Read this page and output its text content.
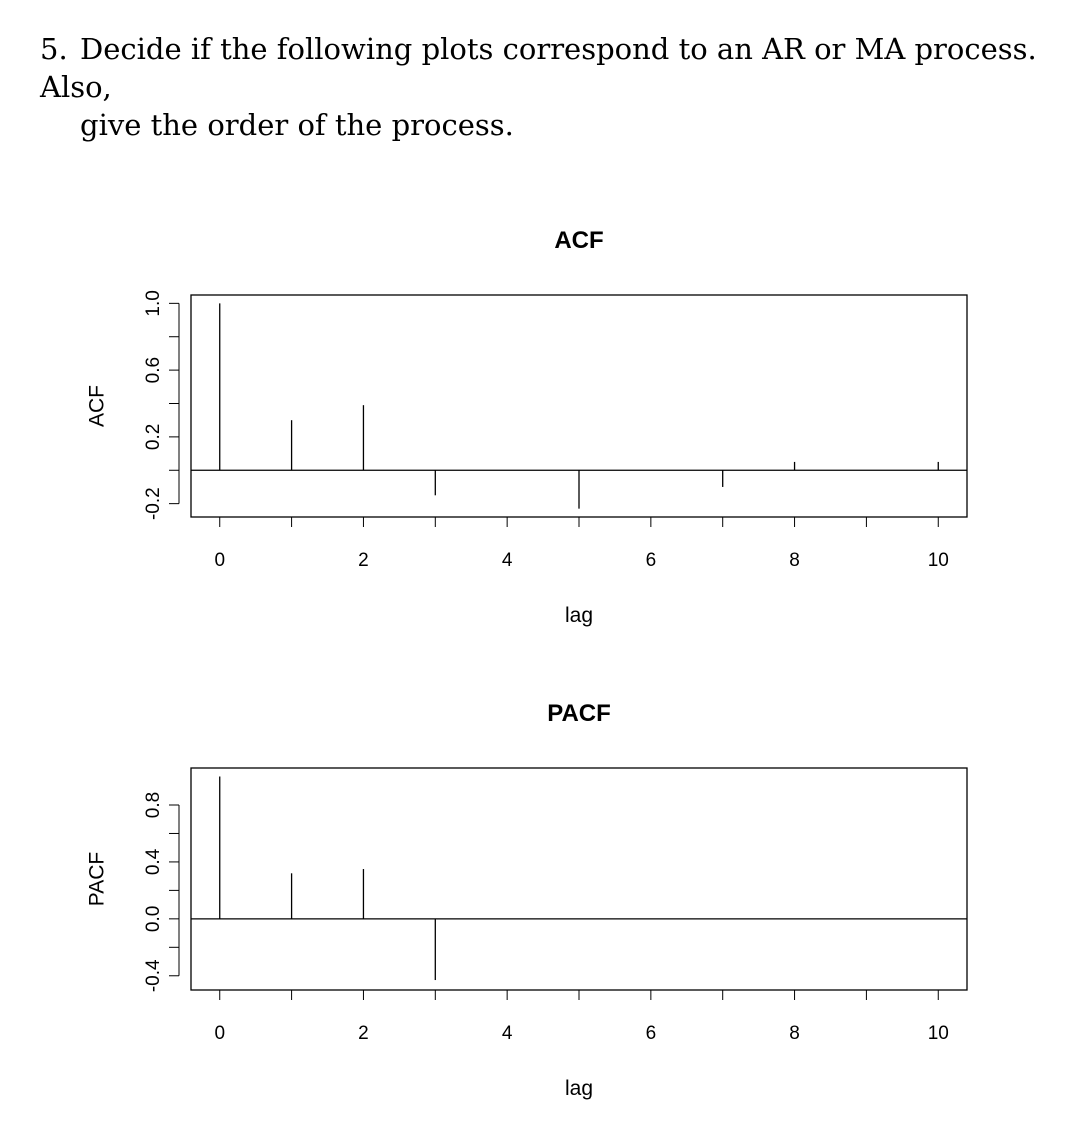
5. Decide if the following plots correspond to an AR or MA process. Also,
give the order of the process.
ACF
0	2	4	6	8	10
lag
-0.2
0.2
0.6
1.0
ACF
PACF
0	2	4	6	8	10
lag
-0.4
0.0
0.4
0.8
PACF
